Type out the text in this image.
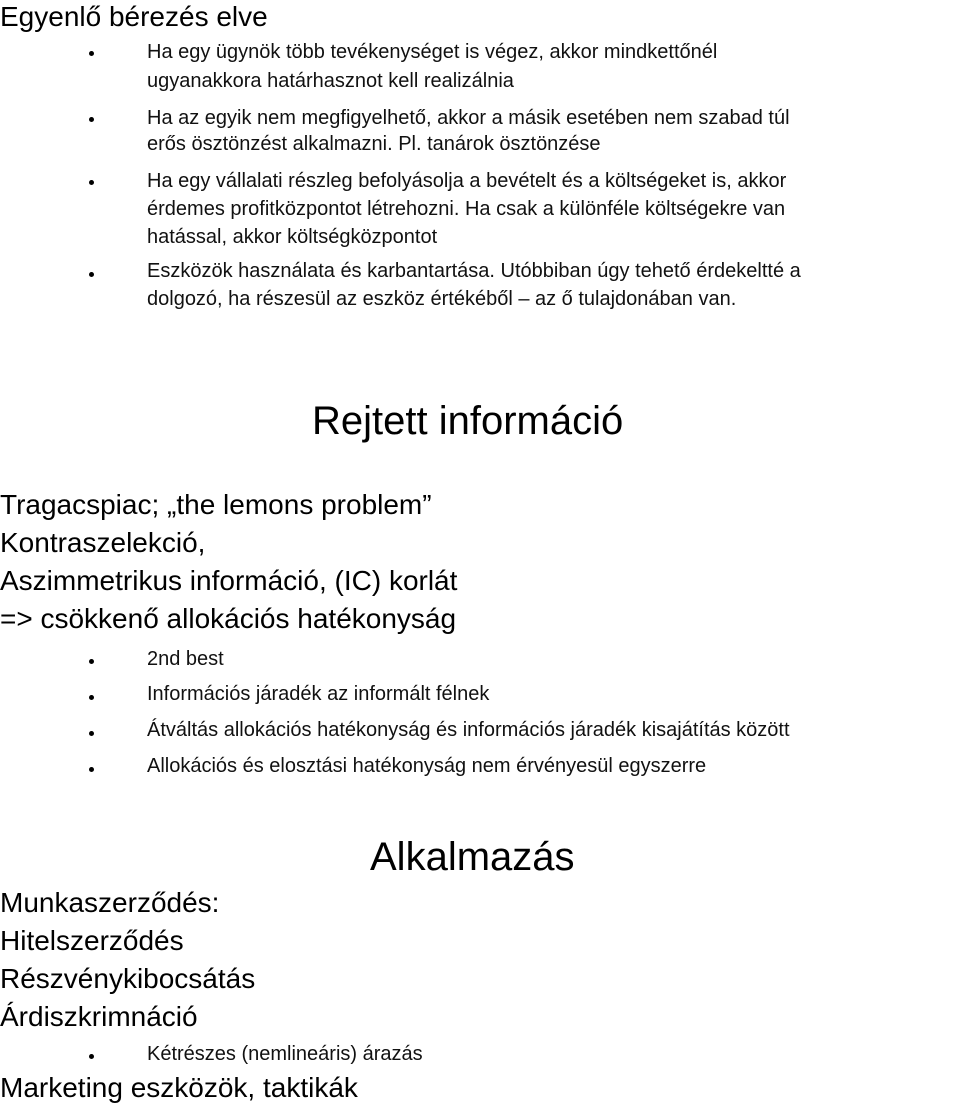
Egyenlő bérezés elve
Ha egy ügynök több tevékenységet is végez, akkor mindkettőnél
ugyanakkora határhasznot kell realizálnia
Ha az egyik nem megfigyelhető, akkor a másik esetében nem szabad túl
erős ösztönzést alkalmazni. Pl. tanárok ösztönzése
Ha egy vállalati részleg befolyásolja a bevételt és a költségeket is, akkor
érdemes profitközpontot létrehozni. Ha csak a különféle költségekre van
hatással, akkor költségközpontot
Eszközök használata és karbantartása. Utóbbiban úgy tehető érdekeltté a
dolgozó, ha részesül az eszköz értékéből – az ő tulajdonában van.
Rejtett információ
Tragacspiac; „the lemons problem”
Kontraszelekció,
Aszimmetrikus információ, (IC) korlát
=> csökkenő allokációs hatékonyság
2nd best
Információs járadék az informált félnek
Átváltás allokációs hatékonyság és információs járadék kisajátítás között
Allokációs és elosztási hatékonyság nem érvényesül egyszerre
Alkalmazás
Munkaszerződés:
Hitelszerződés
Részvénykibocsátás
Árdiszkrimnáció
Kétrészes (nemlineáris) árazás
Marketing eszközök, taktikák
